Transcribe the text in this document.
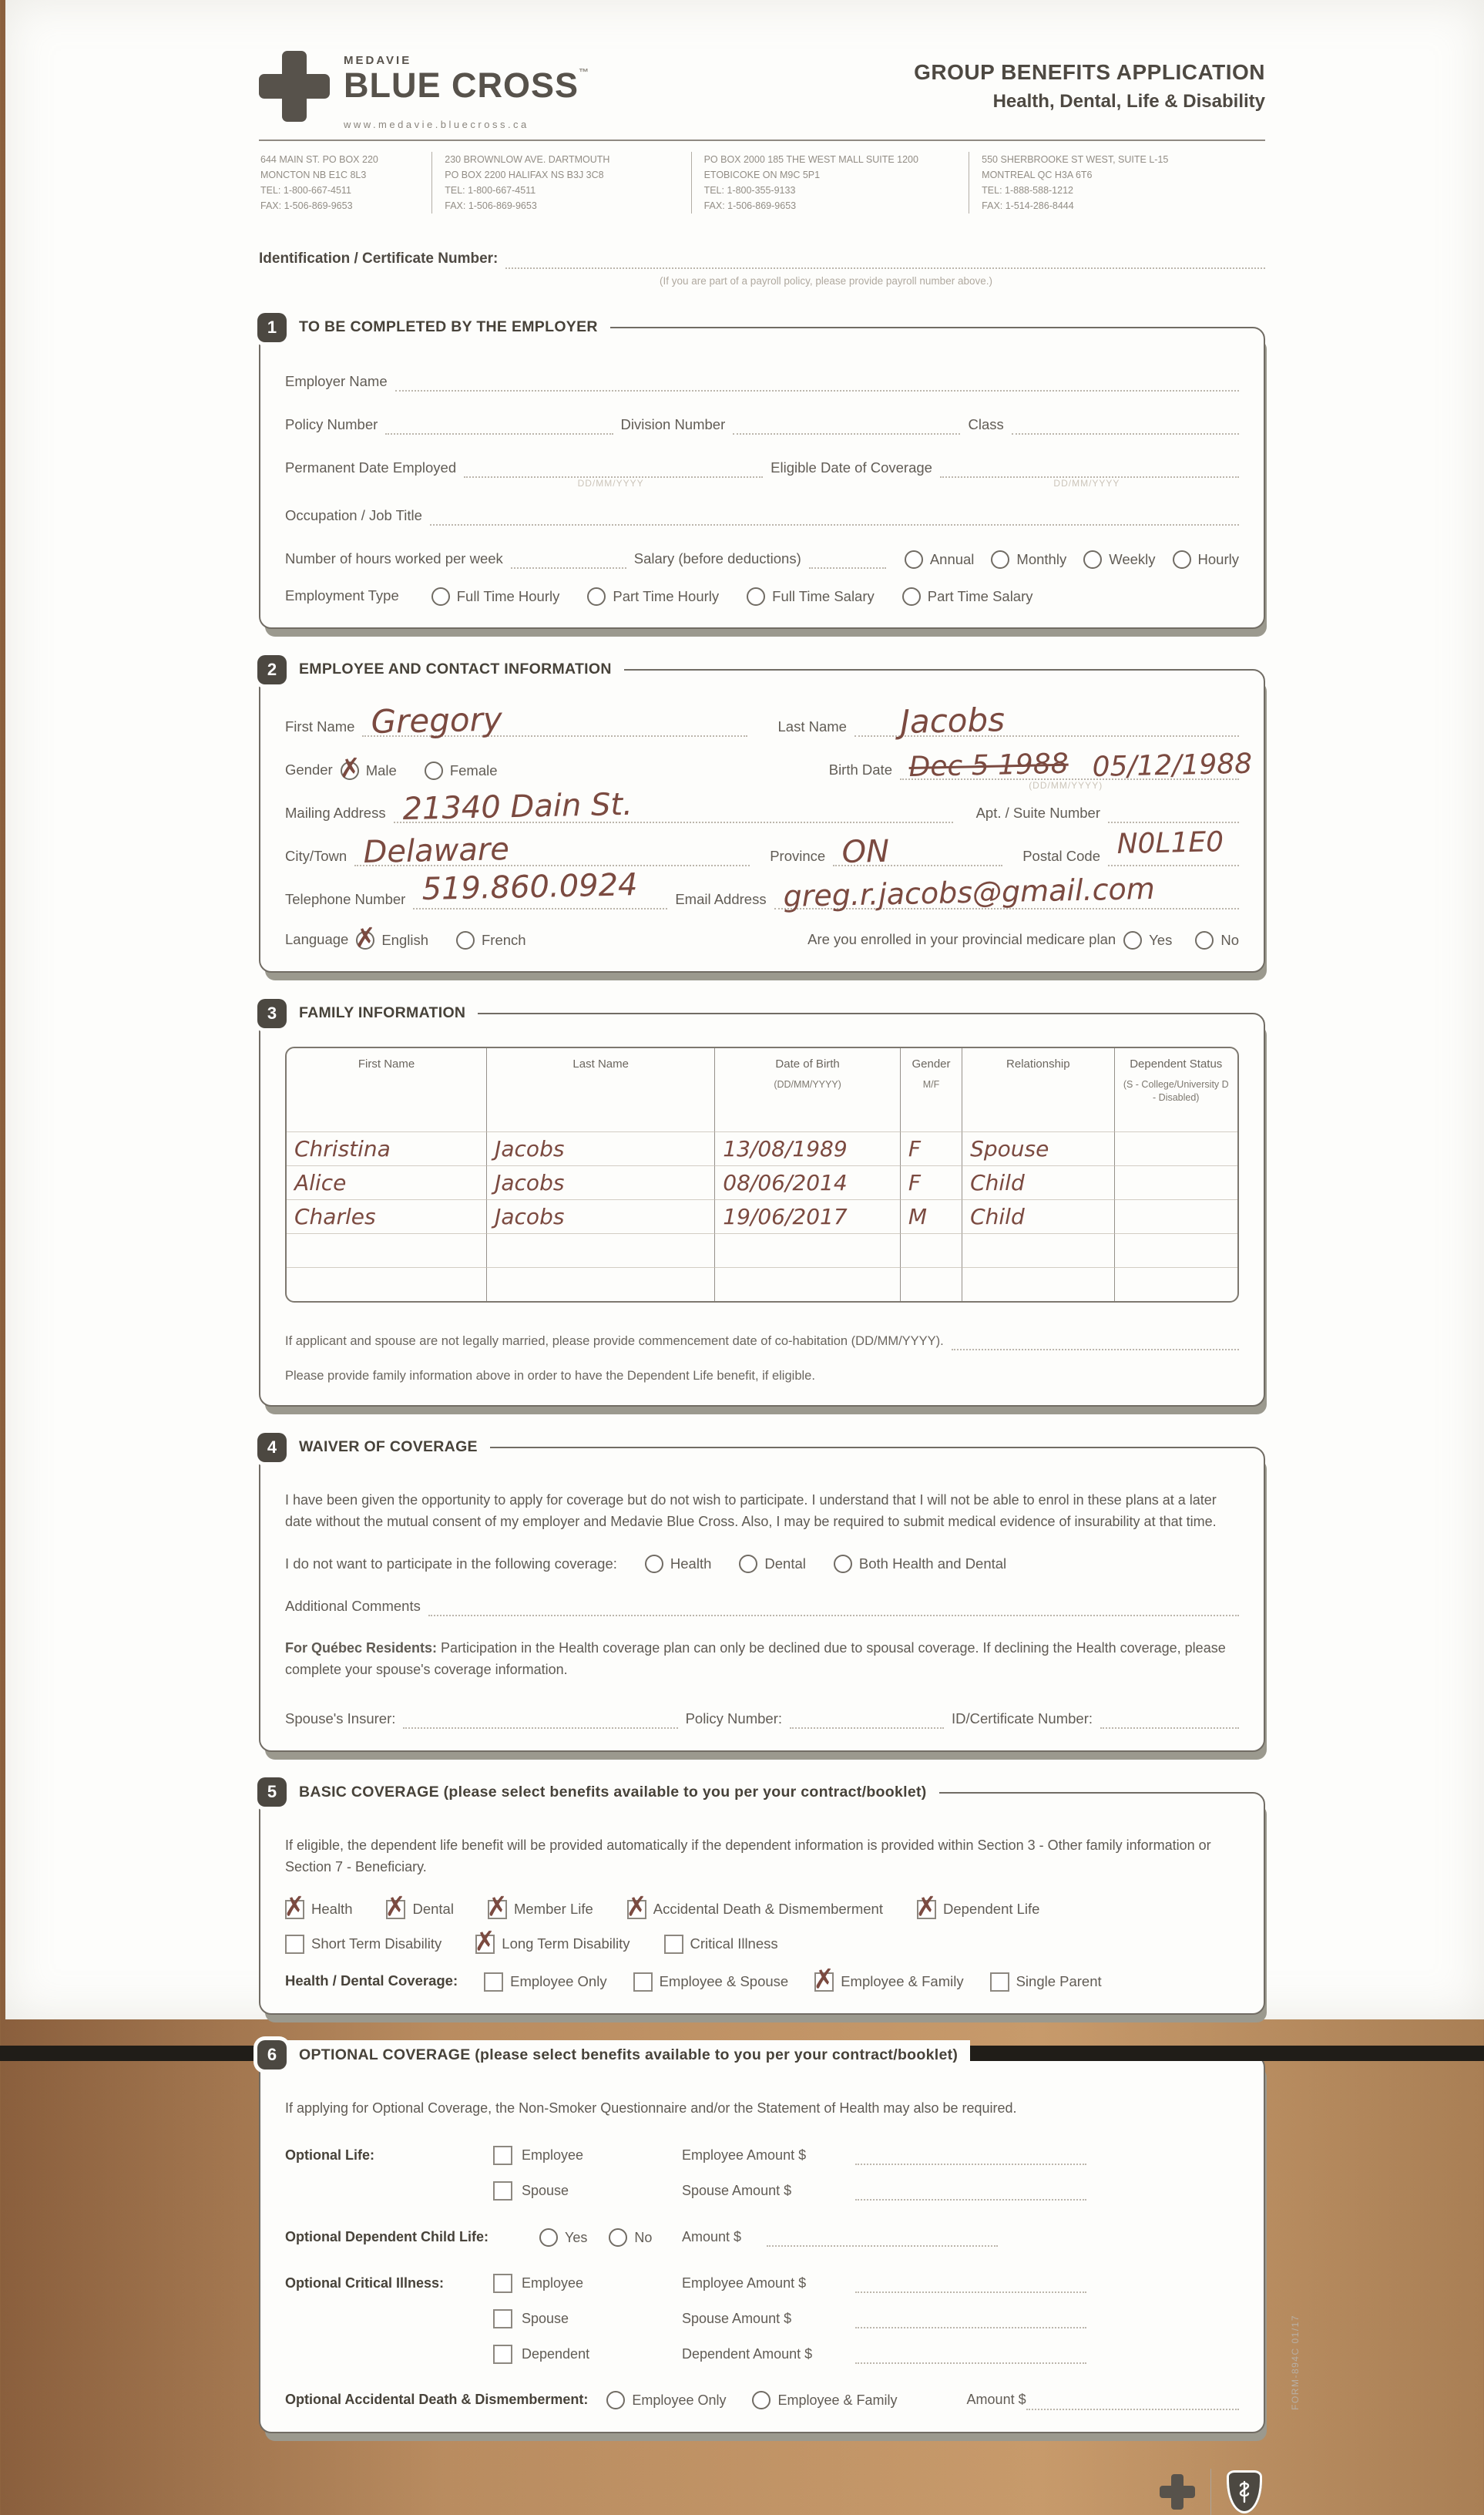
MEDAVIE
BLUE CROSS™
www.medavie.bluecross.ca
GROUP BENEFITS APPLICATION
Health, Dental, Life & Disability
644 MAIN ST. PO BOX 220
MONCTON NB E1C 8L3
TEL: 1-800-667-4511
FAX: 1-506-869-9653
230 BROWNLOW AVE. DARTMOUTH
PO BOX 2200 HALIFAX NS B3J 3C8
TEL: 1-800-667-4511
FAX: 1-506-869-9653
PO BOX 2000 185 THE WEST MALL SUITE 1200
ETOBICOKE ON M9C 5P1
TEL: 1-800-355-9133
FAX: 1-506-869-9653
550 SHERBROOKE ST WEST, SUITE L-15
MONTREAL QC H3A 6T6
TEL: 1-888-588-1212
FAX: 1-514-286-8444
Identification / Certificate Number:
(If you are part of a payroll policy, please provide payroll number above.)
1	TO BE COMPLETED BY THE EMPLOYER
Employer Name
Policy Number	Division Number	Class
Permanent Date Employed
DD/MM/YYYY
Eligible Date of Coverage
DD/MM/YYYY
Occupation / Job Title
Number of hours worked per week	Salary (before deductions)	Annual	Monthly	Weekly	Hourly
Employment Type	Full Time Hourly	Part Time Hourly	Full Time Salary	Part Time Salary
2	EMPLOYEE AND CONTACT INFORMATION
First Name Gregory	Last Name Jacobs
Gender ✗ Male	Female	Birth Date Dec 5 1988 05/12/1988
(DD/MM/YYYY)
Mailing Address 21340 Dain St.	Apt. / Suite Number
City/Town Delaware	Province ON	Postal Code N0L1E0
Telephone Number 519.860.0924	Email Address greg.r.jacobs@gmail.com
Language ✗ English	French	Are you enrolled in your provincial medicare plan Yes	No
3	FAMILY INFORMATION
First Name	Last Name	Date of Birth
(DD/MM/YYYY)
Gender
M/F
Relationship	Dependent Status
(S - College/University D - Disabled)
Christina	Jacobs	13/08/1989	F	Spouse
Alice	Jacobs	08/06/2014	F	Child
Charles	Jacobs	19/06/2017	M	Child
If applicant and spouse are not legally married, please provide commencement date of co-habitation (DD/MM/YYYY).
Please provide family information above in order to have the Dependent Life benefit, if eligible.
4	WAIVER OF COVERAGE

I have been given the opportunity to apply for coverage but do not wish to participate. I understand that I will not be able to enrol in these plans at a later date without the mutual consent of my employer and Medavie Blue Cross. Also, I may be required to submit medical evidence of insurability at that time.

I do not want to participate in the following coverage:	Health	Dental	Both Health and Dental
Additional Comments

For Québec Residents: Participation in the Health coverage plan can only be declined due to spousal coverage. If declining the Health coverage, please complete your spouse's coverage information.

Spouse's Insurer:	Policy Number:	ID/Certificate Number:
5	BASIC COVERAGE (please select benefits available to you per your contract/booklet)

If eligible, the dependent life benefit will be provided automatically if the dependent information is provided within Section 3 - Other family information or Section 7 - Beneficiary.

✗ Health ✗ Dental ✗ Member Life ✗ Accidental Death & Dismemberment ✗ Dependent Life
Short Term Disability ✗ Long Term Disability	Critical Illness
Health / Dental Coverage:	Employee Only	Employee & Spouse ✗ Employee & Family	Single Parent
6	OPTIONAL COVERAGE (please select benefits available to you per your contract/booklet)

If applying for Optional Coverage, the Non-Smoker Questionnaire and/or the Statement of Health may also be required.

Optional Life:	Employee	Employee Amount $
Spouse	Spouse Amount $
Optional Dependent Child Life:	Yes	No Amount $
Optional Critical Illness:	Employee	Employee Amount $
Spouse	Spouse Amount $
Dependent	Dependent Amount $
Optional Accidental Death & Dismemberment:	Employee Only	Employee & Family	Amount $	FORM-894C 01/17
